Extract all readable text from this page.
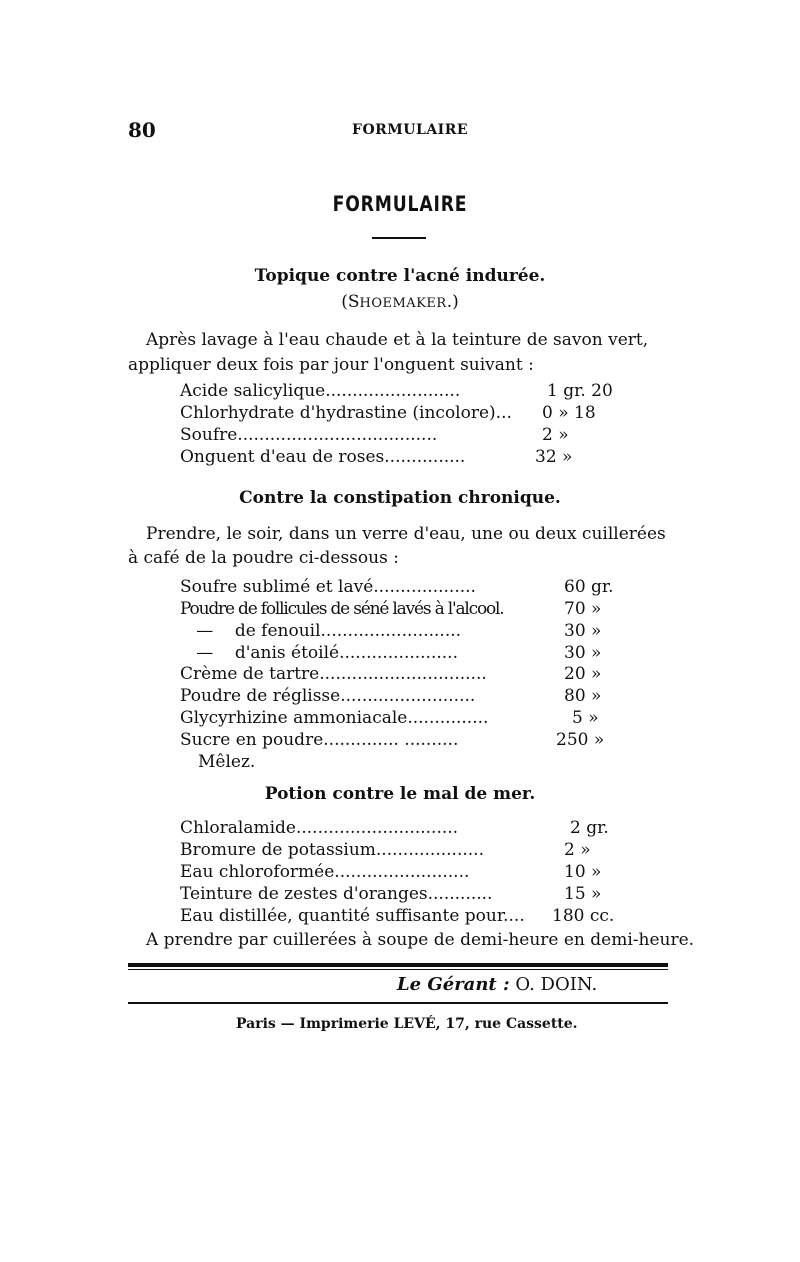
80	FORMULAIRE
FORMULAIRE
Topique contre l'acné indurée.
(SHOEMAKER.)
Après lavage à l'eau chaude et à la teinture de savon vert,
appliquer deux fois par jour l'onguent suivant :
Acide salicylique.........................	1 gr. 20
Chlorhydrate d'hydrastine (incolore)... 0 » 18
Soufre.....................................	2 »
Onguent d'eau de roses...............	32 »
Contre la constipation chronique.
Prendre, le soir, dans un verre d'eau, une ou deux cuillerées
à café de la poudre ci-dessous :
Soufre sublimé et lavé...................	60 gr.
Poudre de follicules de séné lavés à l'alcool.	70 »
—    de fenouil..........................	30 »
—    d'anis étoilé......................	30 »
Crème de tartre...............................	20 »
Poudre de réglisse.........................	80 »
Glycyrhizine ammoniacale...............	5 »
Sucre en poudre.............. ..........	250 »
Mêlez.
Potion contre le mal de mer.
Chloralamide..............................	2 gr.
Bromure de potassium....................	2 »
Eau chloroformée.........................	10 »
Teinture de zestes d'oranges............	15 »
Eau distillée, quantité suffisante pour.... 180 cc.
A prendre par cuillerées à soupe de demi-heure en demi-heure.
Le Gérant : O. DOIN.
Paris — Imprimerie LEVÉ, 17, rue Cassette.
